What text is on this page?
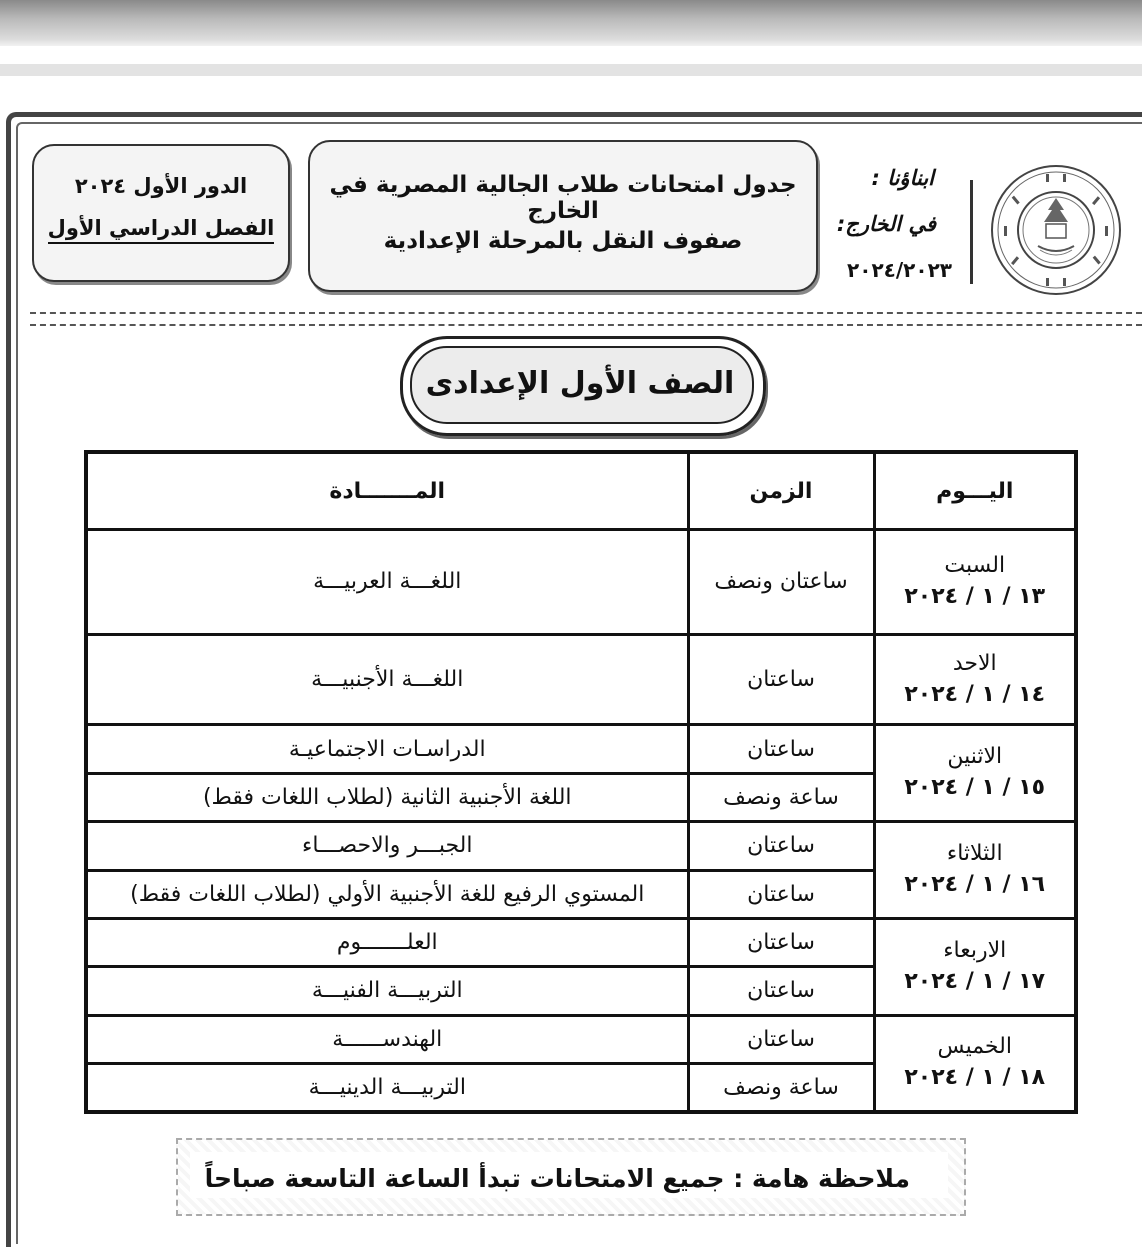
الدور الأول ٢٠٢٤
الفصل الدراسي الأول
جدول امتحانات طلاب الجالية المصرية في الخارج
صفوف النقل بالمرحلة الإعدادية
ابناؤنا :
في الخارج:
٢٠٢٤/٢٠٢٣
الصف الأول الإعدادى
اليـــوم	الزمن	المـــــــادة

السبت
١٣ / ١ / ٢٠٢٤	ساعتان ونصف	اللغـــة العربيـــة

الاحد
١٤ / ١ / ٢٠٢٤	ساعتان	اللغـــة الأجنبيـــة

الاثنين
١٥ / ١ / ٢٠٢٤	ساعتان	الدراسـات الاجتماعيـة
	ساعة ونصف	اللغة الأجنبية الثانية (لطلاب اللغات فقط)

الثلاثاء
١٦ / ١ / ٢٠٢٤	ساعتان	الجبـــر والاحصـــاء
	ساعتان	المستوي الرفيع للغة الأجنبية الأولي (لطلاب اللغات فقط)

الاربعاء
١٧ / ١ / ٢٠٢٤	ساعتان	العلـــــــوم
	ساعتان	التربيـــة الفنيـــة

الخميس
١٨ / ١ / ٢٠٢٤	ساعتان	الهندســــــة
	ساعة ونصف	التربيـــة الدينيـــة
ملاحظة هامة : جميع الامتحانات تبدأ الساعة التاسعة صباحاً
